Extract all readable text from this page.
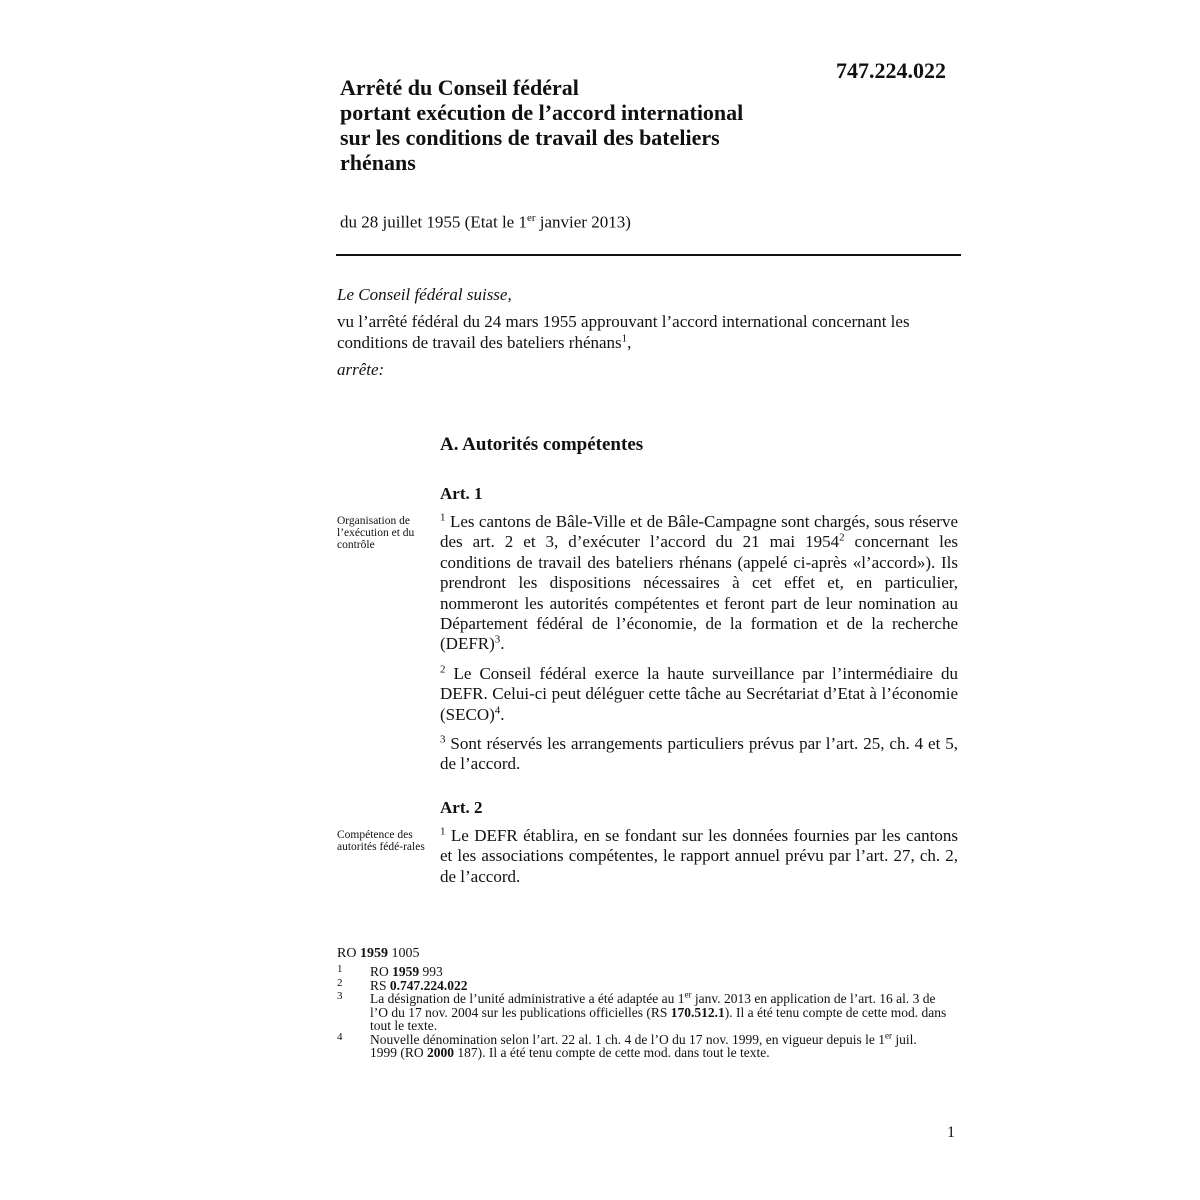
747.224.022
Arrêté du Conseil fédéral
portant exécution de l’accord international
sur les conditions de travail des bateliers
rhénans
du 28 juillet 1955 (Etat le 1er janvier 2013)

Le Conseil fédéral suisse,

vu l’arrêté fédéral du 24 mars 1955 approuvant l’accord international concernant les conditions de travail des bateliers rhénans$^1$,

arrête:

A. Autorités compétentes
Art. 1
Organisation de l’exécution et du contrôle

$^1$ Les cantons de Bâle-Ville et de Bâle-Campagne sont chargés, sous réserve des art. 2 et 3, d’exécuter l’accord du 21 mai 1954$^2$ concernant les conditions de travail des bateliers rhénans (appelé ci-après «l’accord»). Ils prendront les dispositions nécessaires à cet effet et, en particulier, nommeront les autorités compétentes et feront part de leur nomination au Département fédéral de l’économie, de la formation et de la recherche (DEFR)$^3$.

$^2$ Le Conseil fédéral exerce la haute surveillance par l’intermédiaire du DEFR. Celui-ci peut déléguer cette tâche au Secrétariat d’Etat à l’économie (SECO)$^4$.

$^3$ Sont réservés les arrangements particuliers prévus par l’art. 25, ch. 4 et 5, de l’accord.

Art. 2
Compétence des autorités fédé-rales

$^1$ Le DEFR établira, en se fondant sur les données fournies par les cantons et les associations compétentes, le rapport annuel prévu par l’art. 27, ch. 2, de l’accord.

RO 1959 1005

1 RO 1959 993

2 RS 0.747.224.022

3 La désignation de l’unité administrative a été adaptée au 1er janv. 2013 en application de l’art. 16 al. 3 de l’O du 17 nov. 2004 sur les publications officielles (RS 170.512.1). Il a été tenu compte de cette mod. dans tout le texte.

4 Nouvelle dénomination selon l’art. 22 al. 1 ch. 4 de l’O du 17 nov. 1999, en vigueur depuis le 1er juil. 1999 (RO 2000 187). Il a été tenu compte de cette mod. dans tout le texte.

1
